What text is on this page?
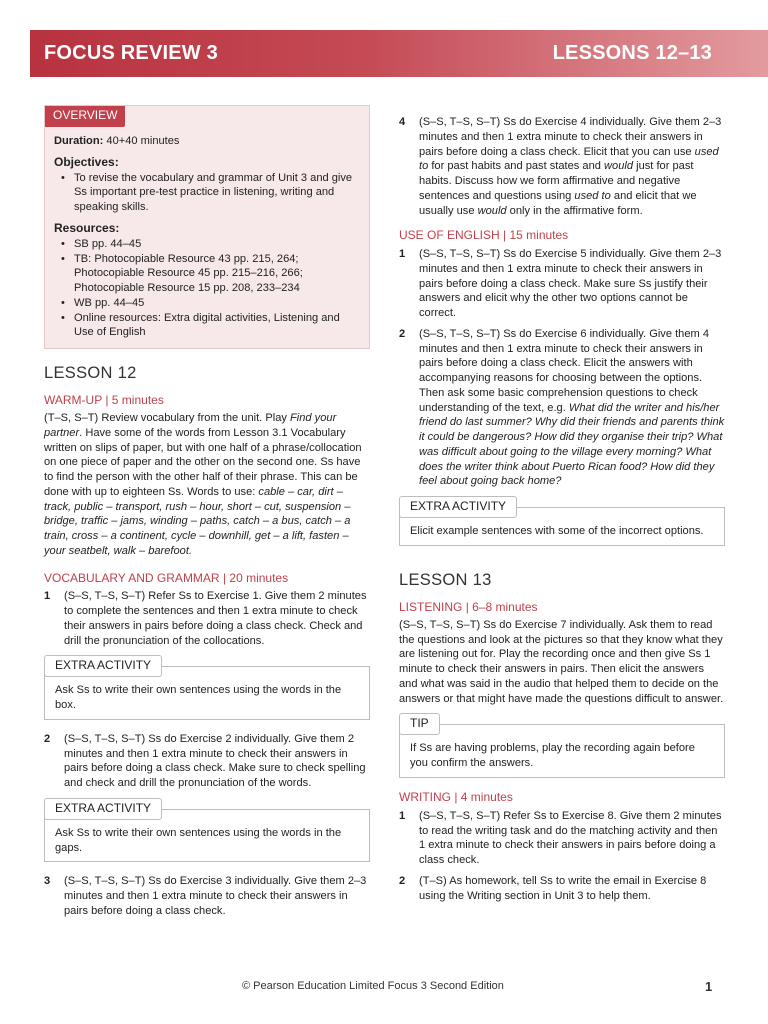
FOCUS REVIEW 3	LESSONS 12–13
OVERVIEW
Duration: 40+40 minutes
Objectives:
• To revise the vocabulary and grammar of Unit 3 and give Ss important pre-test practice in listening, writing and speaking skills.
Resources:
• SB pp. 44–45
• TB: Photocopiable Resource 43 pp. 215, 264; Photocopiable Resource 45 pp. 215–216, 266; Photocopiable Resource 15 pp. 208, 233–234
• WB pp. 44–45
• Online resources: Extra digital activities, Listening and Use of English
LESSON 12
WARM-UP | 5 minutes

(T–S, S–T) Review vocabulary from the unit. Play Find your partner. Have some of the words from Lesson 3.1 Vocabulary written on slips of paper, but with one half of a phrase/collocation on one piece of paper and the other on the second one. Ss have to find the person with the other half of their phrase. This can be done with up to eighteen Ss. Words to use: cable – car, dirt – track, public – transport, rush – hour, short – cut, suspension – bridge, traffic – jams, winding – paths, catch – a bus, catch – a train, cross – a continent, cycle – downhill, get – a lift, fasten – your seatbelt, walk – barefoot.

VOCABULARY AND GRAMMAR | 20 minutes
1	(S–S, T–S, S–T) Refer Ss to Exercise 1. Give them 2 minutes to complete the sentences and then 1 extra minute to check their answers in pairs before doing a class check. Check and drill the pronunciation of the collocations.
EXTRA ACTIVITY
Ask Ss to write their own sentences using the words in the box.
2	(S–S, T–S, S–T) Ss do Exercise 2 individually. Give them 2 minutes and then 1 extra minute to check their answers in pairs before doing a class check. Make sure to check spelling and check and drill the pronunciation of the words.
EXTRA ACTIVITY
Ask Ss to write their own sentences using the words in the gaps.
3	(S–S, T–S, S–T) Ss do Exercise 3 individually. Give them 2–3 minutes and then 1 extra minute to check their answers in pairs before doing a class check.
4	(S–S, T–S, S–T) Ss do Exercise 4 individually. Give them 2–3 minutes and then 1 extra minute to check their answers in pairs before doing a class check. Elicit that you can use used to for past habits and past states and would just for past habits. Discuss how we form affirmative and negative sentences and questions using used to and elicit that we usually use would only in the affirmative form.
USE OF ENGLISH | 15 minutes
1	(S–S, T–S, S–T) Ss do Exercise 5 individually. Give them 2–3 minutes and then 1 extra minute to check their answers in pairs before doing a class check. Make sure Ss justify their answers and elicit why the other two options cannot be correct.
2	(S–S, T–S, S–T) Ss do Exercise 6 individually. Give them 4 minutes and then 1 extra minute to check their answers in pairs before doing a class check. Elicit the answers with accompanying reasons for choosing between the options. Then ask some basic comprehension questions to check understanding of the text, e.g. What did the writer and his/her friend do last summer? Why did their friends and parents think it could be dangerous? How did they organise their trip? What was difficult about going to the village every morning? What does the writer think about Puerto Rican food? How did they feel about going back home?
EXTRA ACTIVITY
Elicit example sentences with some of the incorrect options.
LESSON 13
LISTENING | 6–8 minutes

(S–S, T–S, S–T) Ss do Exercise 7 individually. Ask them to read the questions and look at the pictures so that they know what they are listening out for. Play the recording once and then give Ss 1 minute to check their answers in pairs. Then elicit the answers and what was said in the audio that helped them to decide on the answers or that might have made the questions difficult to answer.

TIP
If Ss are having problems, play the recording again before you confirm the answers.
WRITING | 4 minutes
1	(S–S, T–S, S–T) Refer Ss to Exercise 8. Give them 2 minutes to read the writing task and do the matching activity and then 1 extra minute to check their answers in pairs before doing a class check.
2	(T–S) As homework, tell Ss to write the email in Exercise 8 using the Writing section in Unit 3 to help them.
© Pearson Education Limited Focus 3 Second Edition	1
